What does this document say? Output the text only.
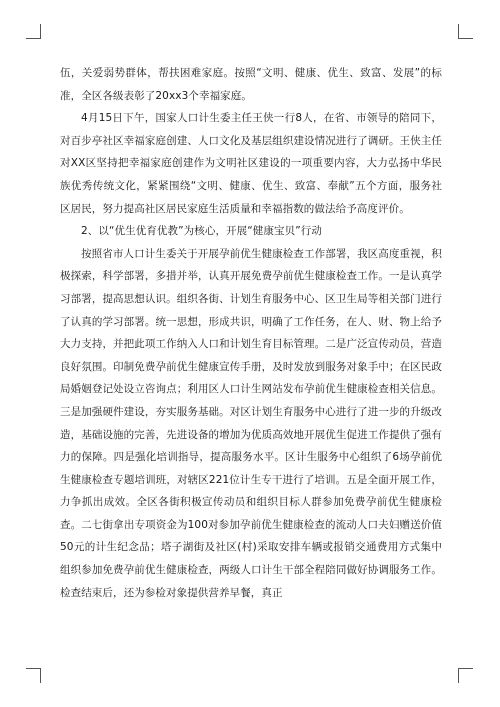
伍，关爱弱势群体，帮扶困难家庭。按照“文明、健康、优生、致富、发展”的标准，全区各级表彰了20xx3个幸福家庭。

4月15日下午，国家人口计生委主任王侠一行8人，在省、市领导的陪同下，对百步亭社区幸福家庭创建、人口文化及基层组织建设情况进行了调研。王侠主任对XX区坚持把幸福家庭创建作为文明社区建设的一项重要内容，大力弘扬中华民族优秀传统文化，紧紧围绕“文明、健康、优生、致富、奉献”五个方面，服务社区居民，努力提高社区居民家庭生活质量和幸福指数的做法给予高度评价。

2、以“优生优育优教”为核心，开展“健康宝贝”行动

按照省市人口计生委关于开展孕前优生健康检查工作部署，我区高度重视，积极探索，科学部署，多措并举，认真开展免费孕前优生健康检查工作。一是认真学习部署，提高思想认识。组织各街、计划生育服务中心、区卫生局等相关部门进行了认真的学习部署。统一思想，形成共识，明确了工作任务，在人、财、物上给予大力支持，并把此项工作纳入人口和计划生育目标管理。二是广泛宣传动员，营造良好氛围。印制免费孕前优生健康宣传手册，及时发放到服务对象手中；在区民政局婚姻登记处设立咨询点；利用区人口计生网站发布孕前优生健康检查相关信息。三是加强硬件建设，夯实服务基础。对区计划生育服务中心进行了进一步的升级改造，基础设施的完善，先进设备的增加为优质高效地开展优生促进工作提供了强有力的保障。四是强化培训指导，提高服务水平。区计生服务中心组织了6场孕前优生健康检查专题培训班，对辖区221位计生专干进行了培训。五是全面开展工作，力争抓出成效。全区各街积极宣传动员和组织目标人群参加免费孕前优生健康检查。二七街拿出专项资金为100对参加孕前优生健康检查的流动人口夫妇赠送价值50元的计生纪念品；塔子湖街及社区(村)采取安排车辆或报销交通费用方式集中组织参加免费孕前优生健康检查，两级人口计生干部全程陪同做好协调服务工作。检查结束后，还为参检对象提供营养早餐，真正
